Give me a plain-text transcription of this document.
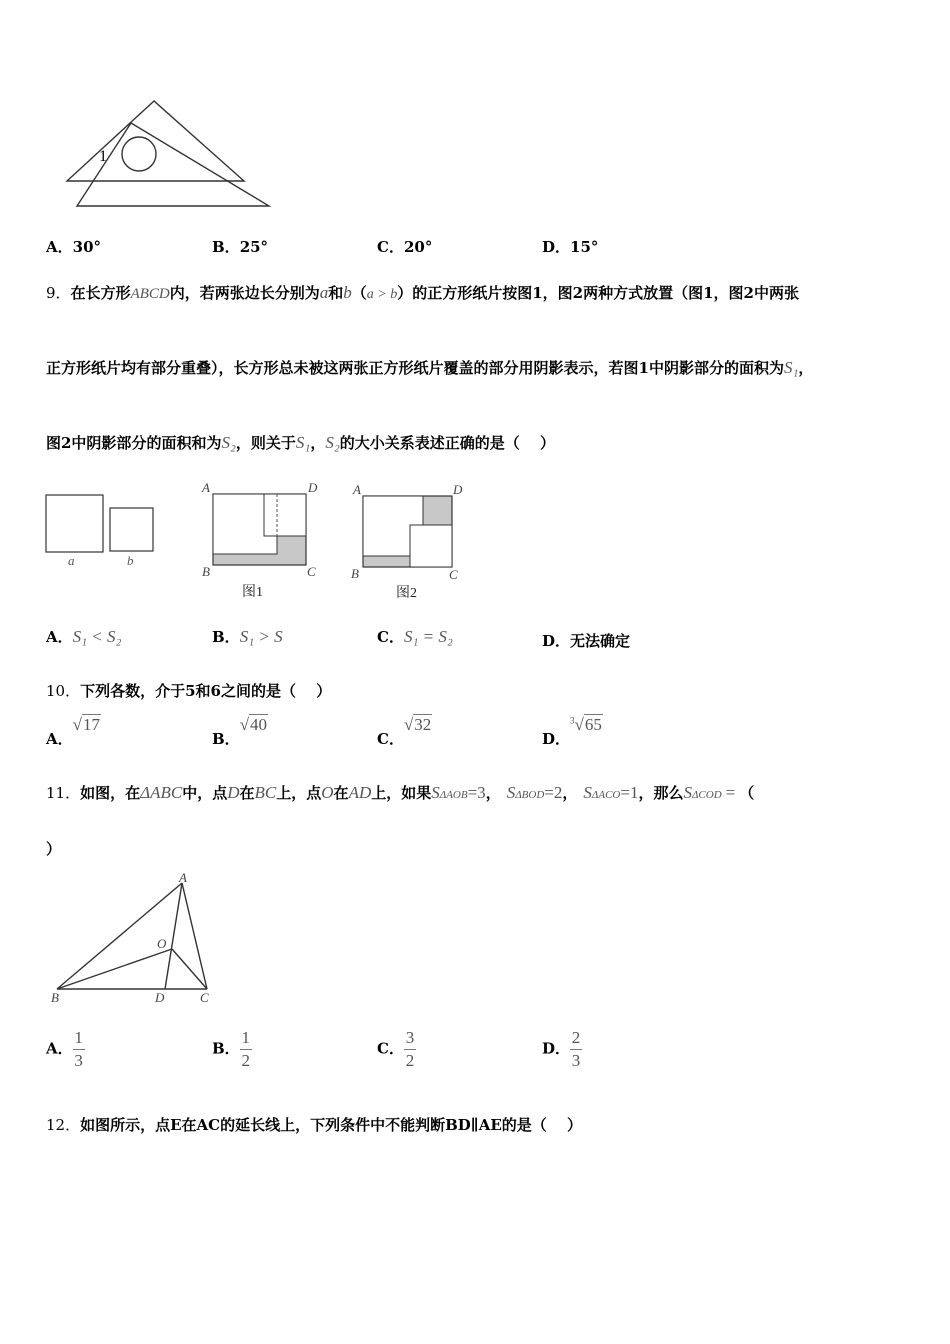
1
A．30°	B．25°	C．20°	D．15°
9．在长方形ABCD内，若两张边长分别为a和b（a > b）的正方形纸片按图1，图2两种方式放置（图1，图2中两张
正方形纸片均有部分重叠），长方形总未被这两张正方形纸片覆盖的部分用阴影表示，若图1中阴影部分的面积为S₁，
图2中阴影部分的面积和为S₂，则关于S₁，S₂的大小关系表述正确的是（　 ）
a	b
A	D
B	C
图1
A	D
B	C
图2
A．S₁ < S₂	B．S₁ > S	C．S₁ = S₂	D．无法确定
10．下列各数，介于5和6之间的是（　 ）
A．√17
B．√40
C．√32
D．$^3$√65
11．如图，在ΔABC中，点D在BC上，点O在AD上，如果SΔAOB=3， SΔBOD=2， SΔACO=1，那么SΔCOD = （
）
A
O
B	D	C
A． $\frac{1}{3}$	B． $\frac{1}{2}$	C． $\frac{3}{2}$	D． $\frac{2}{3}$
12．如图所示，点E在AC的延长线上，下列条件中不能判断BD∥AE的是（　 ）
